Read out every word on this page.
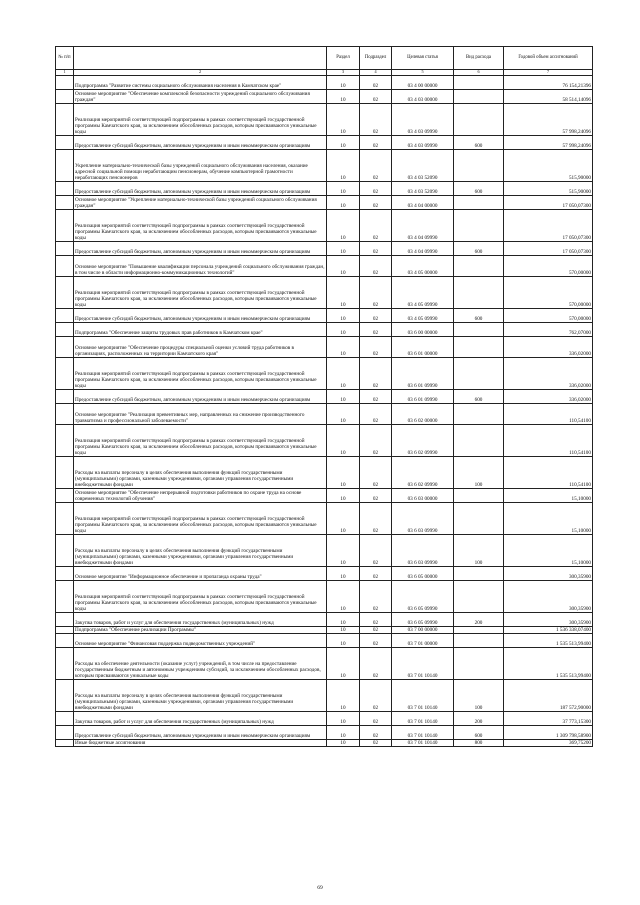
№ п/п		Раздел	Подраздел	Целевая статья	Вид расхода	Годовой объем ассигнований
1	2	3	4	5	6	7
	Подпрограмма "Развитие системы социального обслуживания населения в Камчатском крае"	10	02	03 4 00 00000		76 154,21396
	Основное мероприятие "Обеспечение комплексной безопасности учреждений социального обслуживания граждан"	10	02	03 4 03 00000		58 514,14096
	Реализация мероприятий соответствующей подпрограммы в рамках соответствующей государственной программы Камчатского края, за исключением обособленных расходов, которым присваиваются уникальные коды	10	02	03 4 03 09990		57 998,24096
	Предоставление субсидий бюджетным, автономным учреждениям и иным некоммерческим организациям	10	02	03 4 03 09990	600	57 998,24096
	Укрепление материально-технической базы учреждений социального обслуживания населения, оказание адресной социальной помощи неработающим пенсионерам, обучение компьютерной грамотности неработающих пенсионеров	10	02	03 4 03 52090		515,90000
	Предоставление субсидий бюджетным, автономным учреждениям и иным некоммерческим организациям	10	02	03 4 03 52090	600	515,90000
	Основное мероприятие "Укрепление материально-технической базы учреждений социального обслуживания граждан"	10	02	03 4 04 00000		17 050,07300
	Реализация мероприятий соответствующей подпрограммы в рамках соответствующей государственной программы Камчатского края, за исключением обособленных расходов, которым присваиваются уникальные коды	10	02	03 4 04 09990		17 050,07300
	Предоставление субсидий бюджетным, автономным учреждениям и иным некоммерческим организациям	10	02	03 4 04 09990	600	17 050,07300
	Основное мероприятие "Повышение квалификации персонала учреждений социального обслуживания граждан, в том числе в области информационно-коммуникационных технологий"	10	02	03 4 05 00000		570,00000
	Реализация мероприятий соответствующей подпрограммы в рамках соответствующей государственной программы Камчатского края, за исключением обособленных расходов, которым присваиваются уникальные коды	10	02	03 4 05 09990		570,00000
	Предоставление субсидий бюджетным, автономным учреждениям и иным некоммерческим организациям	10	02	03 4 05 09990	600	570,00000
	Подпрограмма "Обеспечение защиты трудовых прав работников в Камчатском крае"	10	02	03 6 00 00000		762,07000
	Основное мероприятие "Обеспечение процедуры специальной оценки условий труда работников в организациях, расположенных на территории Камчатского края"	10	02	03 6 01 00000		336,02000
	Реализация мероприятий соответствующей подпрограммы в рамках соответствующей государственной программы Камчатского края, за исключением обособленных расходов, которым присваиваются уникальные коды	10	02	03 6 01 09990		336,02000
	Предоставление субсидий бюджетным, автономным учреждениям и иным некоммерческим организациям	10	02	03 6 01 09990	600	336,02000
	Основное мероприятие "Реализация превентивных мер, направленных на снижение производственного травматизма и профессиональной заболеваемости"	10	02	03 6 02 00000		110,54100
	Реализация мероприятий соответствующей подпрограммы в рамках соответствующей государственной программы Камчатского края, за исключением обособленных расходов, которым присваиваются уникальные коды	10	02	03 6 02 09990		110,54100
	Расходы на выплаты персоналу в целях обеспечения выполнения функций государственными (муниципальными) органами, казенными учреждениями, органами управления государственными внебюджетными фондами	10	02	03 6 02 09990	100	110,54100
	Основное мероприятие "Обеспечение непрерывной подготовки работников по охране труда на основе современных технологий обучения"	10	02	03 6 03 00000		15,10000
	Реализация мероприятий соответствующей подпрограммы в рамках соответствующей государственной программы Камчатского края, за исключением обособленных расходов, которым присваиваются уникальные коды	10	02	03 6 03 09990		15,10000
	Расходы на выплаты персоналу в целях обеспечения выполнения функций государственными (муниципальными) органами, казенными учреждениями, органами управления государственными внебюджетными фондами	10	02	03 6 03 09990	100	15,10000
	Основное мероприятие "Информационное обеспечение и пропаганда охраны труда"	10	02	03 6 05 00000		300,35900
	Реализация мероприятий соответствующей подпрограммы в рамках соответствующей государственной программы Камчатского края, за исключением обособленных расходов, которым присваиваются уникальные коды	10	02	03 6 05 09990		300,35900
	Закупка товаров, работ и услуг для обеспечения государственных (муниципальных) нужд	10	02	03 6 05 09990	200	300,35900
	Подпрограмма "Обеспечение реализации Программы"	10	02	03 7 00 00000		1 536 338,07400
	Основное мероприятие "Финансовая поддержка подведомственных учреждений"	10	02	03 7 01 00000		1 535 513,99400
	Расходы на обеспечение деятельности (оказание услуг) учреждений, в том числе на предоставление государственным бюджетным и автономным учреждениям субсидий, за исключением обособленных расходов, которым присваиваются уникальные коды	10	02	03 7 01 10140		1 535 513,99400
	Расходы на выплаты персоналу в целях обеспечения выполнения функций государственными (муниципальными) органами, казенными учреждениями, органами управления государственными внебюджетными фондами	10	02	03 7 01 10140	100	187 572,90000
	Закупка товаров, работ и услуг для обеспечения государственных (муниципальных) нужд	10	02	03 7 01 10140	200	37 773,15300
	Предоставление субсидий бюджетным, автономным учреждениям и иным некоммерческим организациям	10	02	03 7 01 10140	600	1 309 798,58900
	Иные бюджетные ассигнования	10	02	03 7 01 10140	800	369,75200
69
